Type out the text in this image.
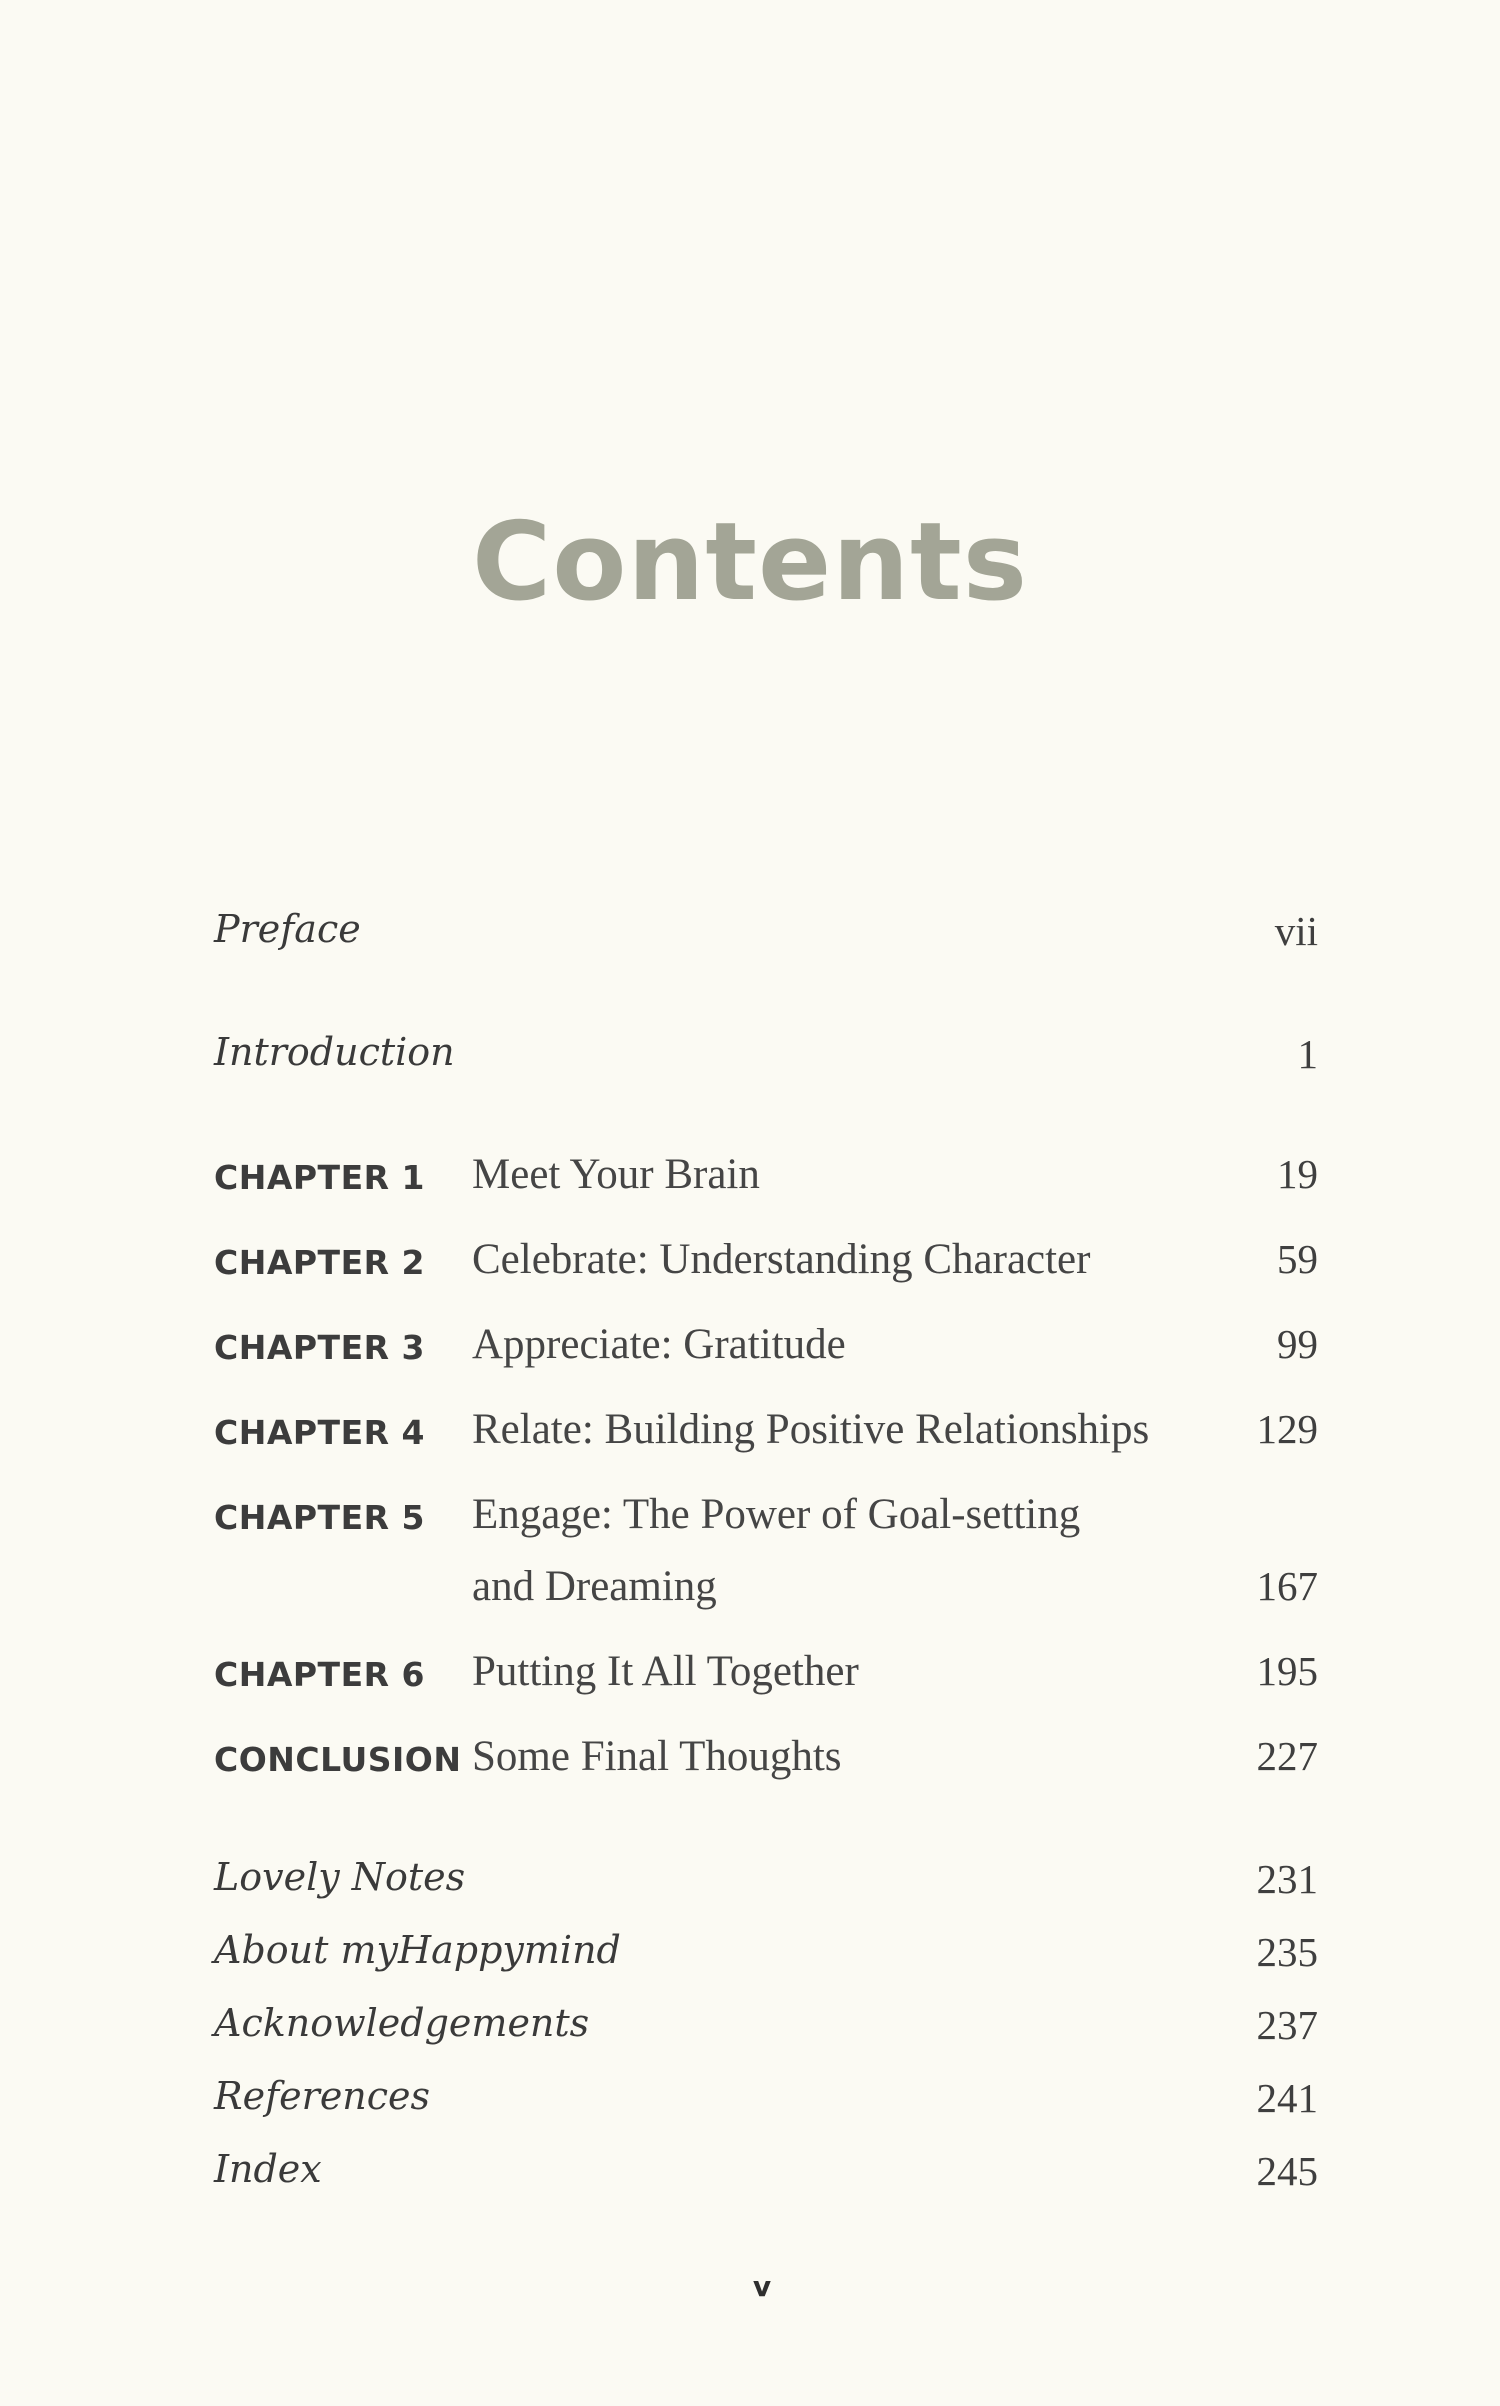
Contents
Preface	vii
Introduction	1
CHAPTER 1 Meet Your Brain	19
CHAPTER 2 Celebrate: Understanding Character	59
CHAPTER 3 Appreciate: Gratitude	99
CHAPTER 4 Relate: Building Positive Relationships	129
CHAPTER 5 Engage: The Power of Goal-setting
and Dreaming	167
CHAPTER 6 Putting It All Together	195
CONCLUSION Some Final Thoughts	227
Lovely Notes	231
About myHappymind	235
Acknowledgements	237
References	241
Index	245
v
